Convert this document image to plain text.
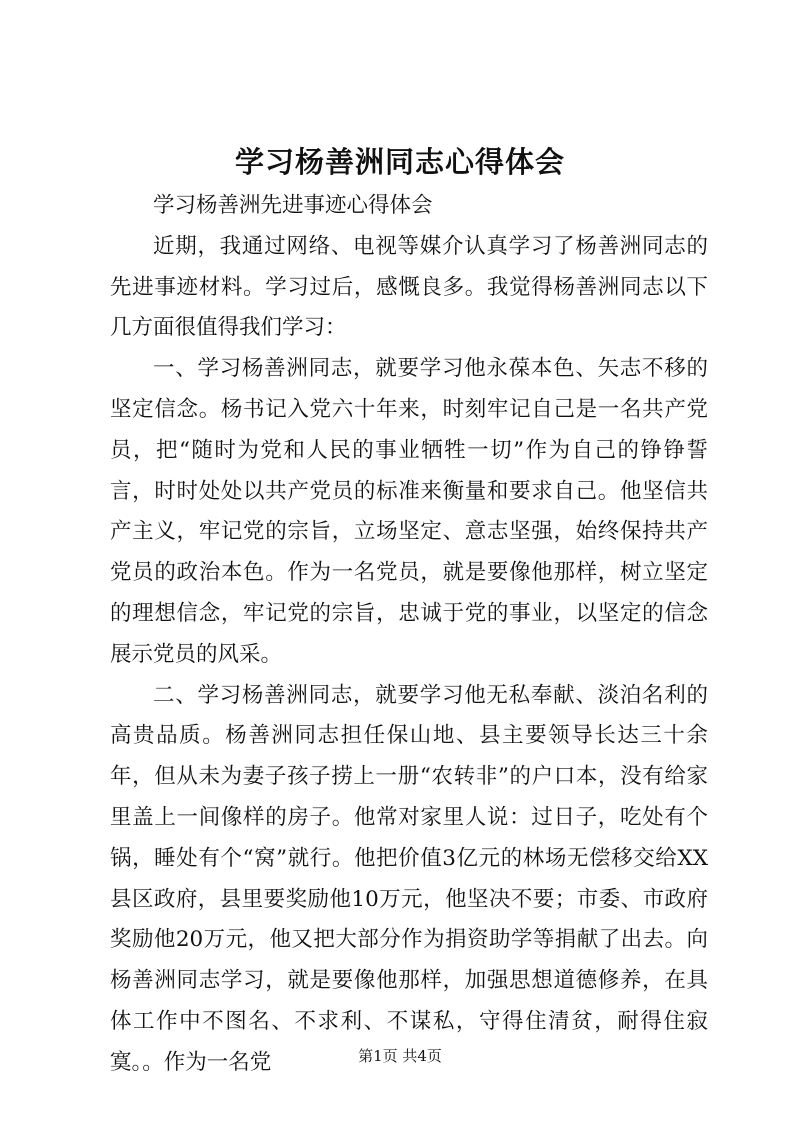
学习杨善洲同志心得体会

学习杨善洲先进事迹心得体会

近期，我通过网络、电视等媒介认真学习了杨善洲同志的先进事迹材料。学习过后，感慨良多。我觉得杨善洲同志以下几方面很值得我们学习：

一、学习杨善洲同志，就要学习他永葆本色、矢志不移的坚定信念。杨书记入党六十年来，时刻牢记自己是一名共产党员，把“随时为党和人民的事业牺牲一切”作为自己的铮铮誓言，时时处处以共产党员的标准来衡量和要求自己。他坚信共产主义，牢记党的宗旨，立场坚定、意志坚强，始终保持共产党员的政治本色。作为一名党员，就是要像他那样，树立坚定的理想信念，牢记党的宗旨，忠诚于党的事业，以坚定的信念展示党员的风采。

二、学习杨善洲同志，就要学习他无私奉献、淡泊名利的高贵品质。杨善洲同志担任保山地、县主要领导长达三十余年，但从未为妻子孩子捞上一册“农转非”的户口本，没有给家里盖上一间像样的房子。他常对家里人说：过日子，吃处有个锅，睡处有个“窝”就行。他把价值3亿元的林场无偿移交给XX县区政府，县里要奖励他10万元，他坚决不要；市委、市政府奖励他20万元，他又把大部分作为捐资助学等捐献了出去。向杨善洲同志学习，就是要像他那样，加强思想道德修养，在具体工作中不图名、不求利、不谋私，守得住清贫，耐得住寂寞。。作为一名党	第1页 共4页
